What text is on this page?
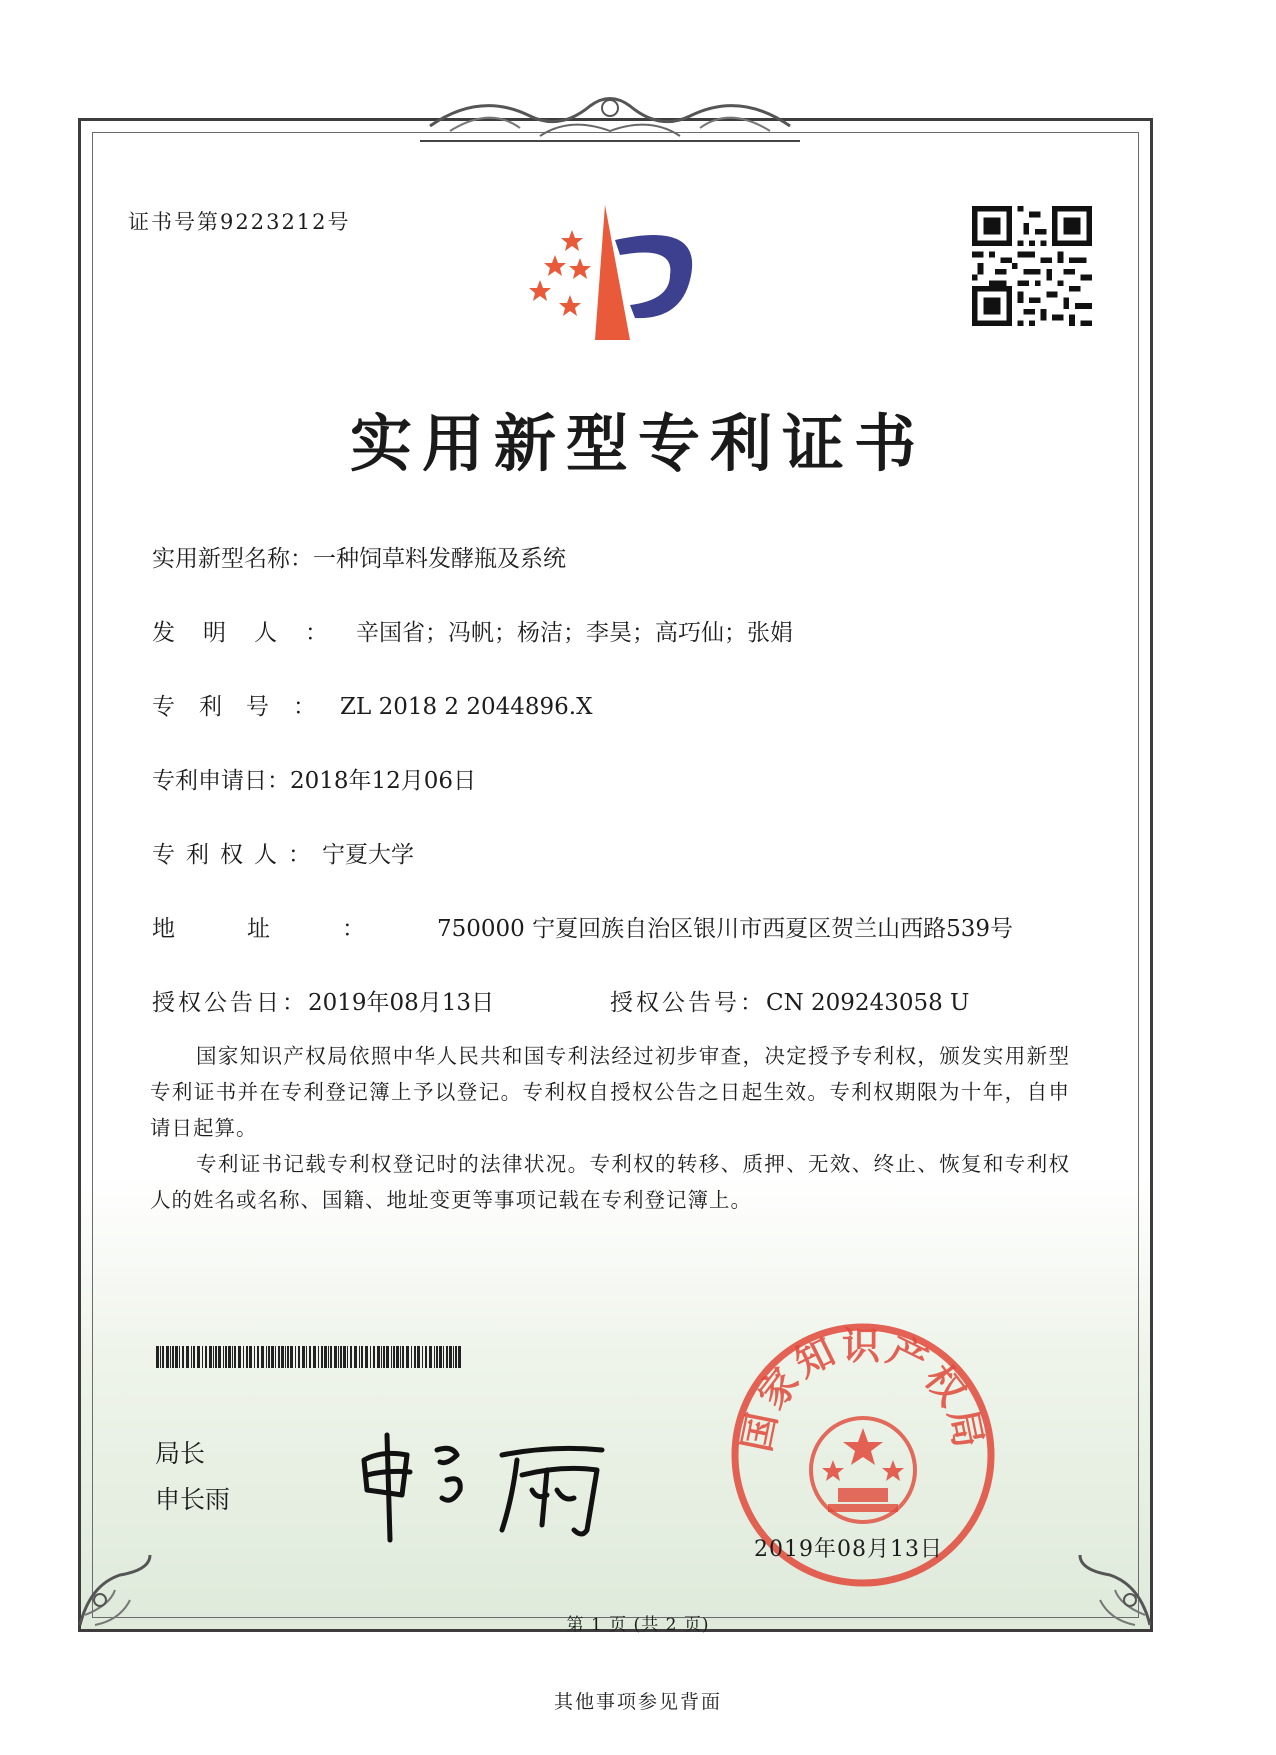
证书号第9223212号
实用新型专利证书
实用新型名称：一种饲草料发酵瓶及系统
发明人：辛国省；冯帆；杨洁；李昊；高巧仙；张娟
专利号：ZL 2018 2 2044896.X
专利申请日：2018年12月06日
专利权人：宁夏大学
地址：750000 宁夏回族自治区银川市西夏区贺兰山西路539号
授权公告日：2019年08月13日	授权公告号：CN 209243058 U
国家知识产权局依照中华人民共和国专利法经过初步审查，决定授予专利权，颁发实用新型专利证书并在专利登记簿上予以登记。专利权自授权公告之日起生效。专利权期限为十年，自申请日起算。
专利证书记载专利权登记时的法律状况。专利权的转移、质押、无效、终止、恢复和专利权人的姓名或名称、国籍、地址变更等事项记载在专利登记簿上。
局长
申长雨
国家知识产权局
2019年08月13日
第 1 页 (共 2 页)
其他事项参见背面
